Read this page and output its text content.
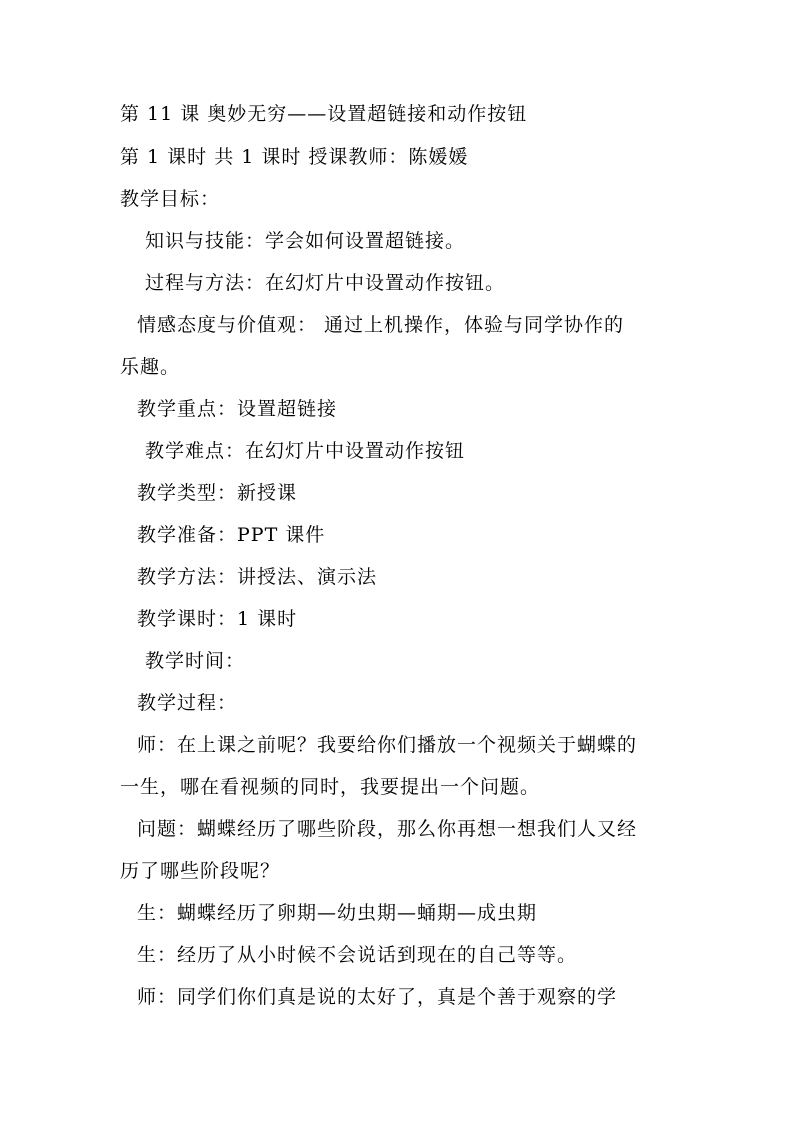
第 11 课 奥妙无穷——设置超链接和动作按钮
第 1 课时 共 1 课时 授课教师：陈媛媛
教学目标：
知识与技能：学会如何设置超链接。
过程与方法：在幻灯片中设置动作按钮。
情感态度与价值观： 通过上机操作，体验与同学协作的
乐趣。
教学重点：设置超链接
教学难点：在幻灯片中设置动作按钮
教学类型：新授课
教学准备：PPT 课件
教学方法：讲授法、演示法
教学课时：1 课时
教学时间：
教学过程：
师：在上课之前呢？我要给你们播放一个视频关于蝴蝶的
一生，哪在看视频的同时，我要提出一个问题。
问题：蝴蝶经历了哪些阶段，那么你再想一想我们人又经
历了哪些阶段呢？
生：蝴蝶经历了卵期—幼虫期—蛹期—成虫期
生：经历了从小时候不会说话到现在的自己等等。
师：同学们你们真是说的太好了，真是个善于观察的学
